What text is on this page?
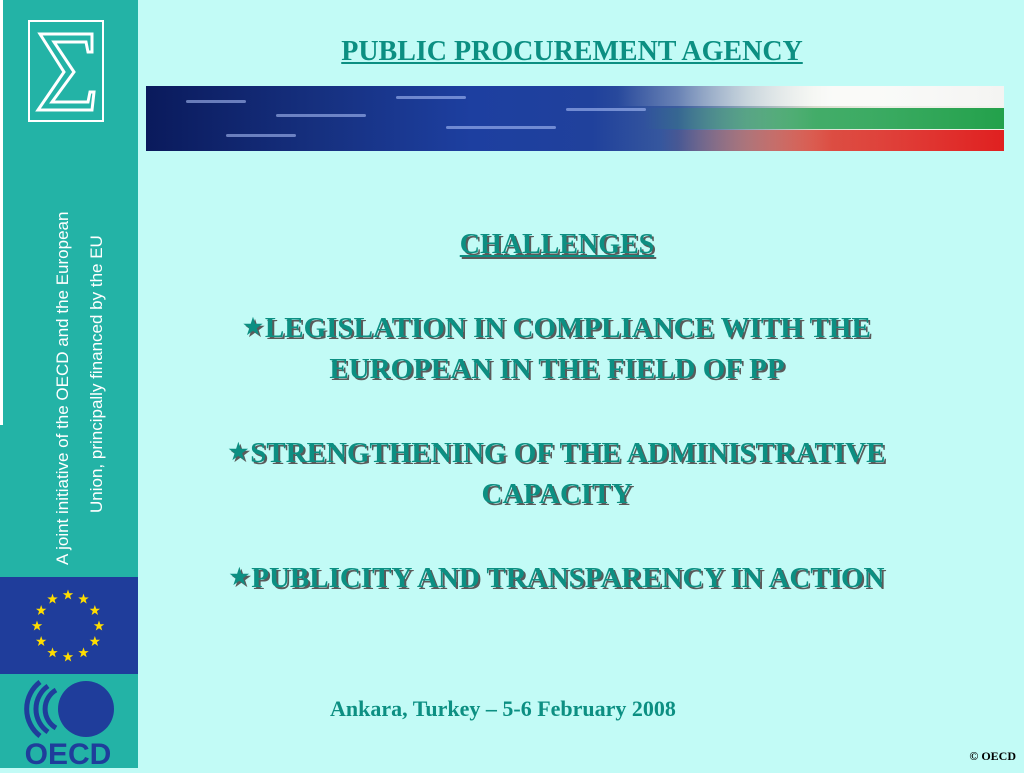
A joint initiative of the OECD and the European Union, principally financed by the EU
OECD
PUBLIC PROCUREMENT AGENCY
CHALLENGES
★LEGISLATION IN COMPLIANCE WITH THE EUROPEAN IN THE FIELD OF PP
★STRENGTHENING OF THE ADMINISTRATIVE CAPACITY
★PUBLICITY AND TRANSPARENCY IN ACTION
Ankara, Turkey – 5-6 February 2008
© OECD
